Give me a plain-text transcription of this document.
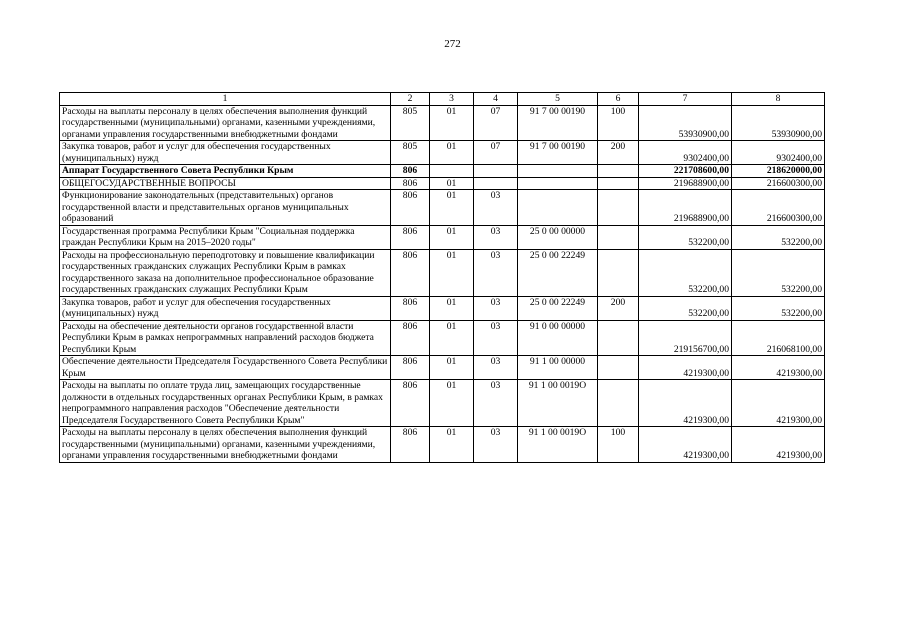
272
1	2	3	4	5	6	7	8
Расходы на выплаты персоналу в целях обеспечения выполнения функций государственными (муниципальными) органами, казенными учреждениями, органами управления государственными внебюджетными фондами	805	01	07	91 7 00 00190	100	53930900,00	53930900,00
Закупка товаров, работ и услуг для обеспечения государственных (муниципальных) нужд	805	01	07	91 7 00 00190	200	9302400,00	9302400,00
Аппарат Государственного Совета Республики Крым	806					221708600,00	218620000,00
ОБЩЕГОСУДАРСТВЕННЫЕ ВОПРОСЫ	806	01				219688900,00	216600300,00
Функционирование законодательных (представительных) органов государственной власти и представительных органов муниципальных образований	806	01	03			219688900,00	216600300,00
Государственная программа Республики Крым "Социальная поддержка граждан Республики Крым на 2015–2020 годы"	806	01	03	25 0 00 00000		532200,00	532200,00
Расходы на профессиональную переподготовку и повышение квалификации государственных гражданских служащих Республики Крым в рамках государственного заказа на дополнительное профессиональное образование государственных гражданских служащих Республики Крым	806	01	03	25 0 00 22249		532200,00	532200,00
Закупка товаров, работ и услуг для обеспечения государственных (муниципальных) нужд	806	01	03	25 0 00 22249	200	532200,00	532200,00
Расходы на обеспечение деятельности органов государственной власти Республики Крым в рамках непрограммных направлений расходов бюджета Республики Крым	806	01	03	91 0 00 00000		219156700,00	216068100,00
Обеспечение деятельности Председателя Государственного Совета Республики Крым	806	01	03	91 1 00 00000		4219300,00	4219300,00
Расходы на выплаты по оплате труда лиц, замещающих государственные должности в отдельных государственных органах Республики Крым, в рамках непрограммного направления расходов "Обеспечение деятельности Председателя Государственного Совета Республики Крым"	806	01	03	91 1 00 0019О		4219300,00	4219300,00
Расходы на выплаты персоналу в целях обеспечения выполнения функций государственными (муниципальными) органами, казенными учреждениями, органами управления государственными внебюджетными фондами	806	01	03	91 1 00 0019О	100	4219300,00	4219300,00
